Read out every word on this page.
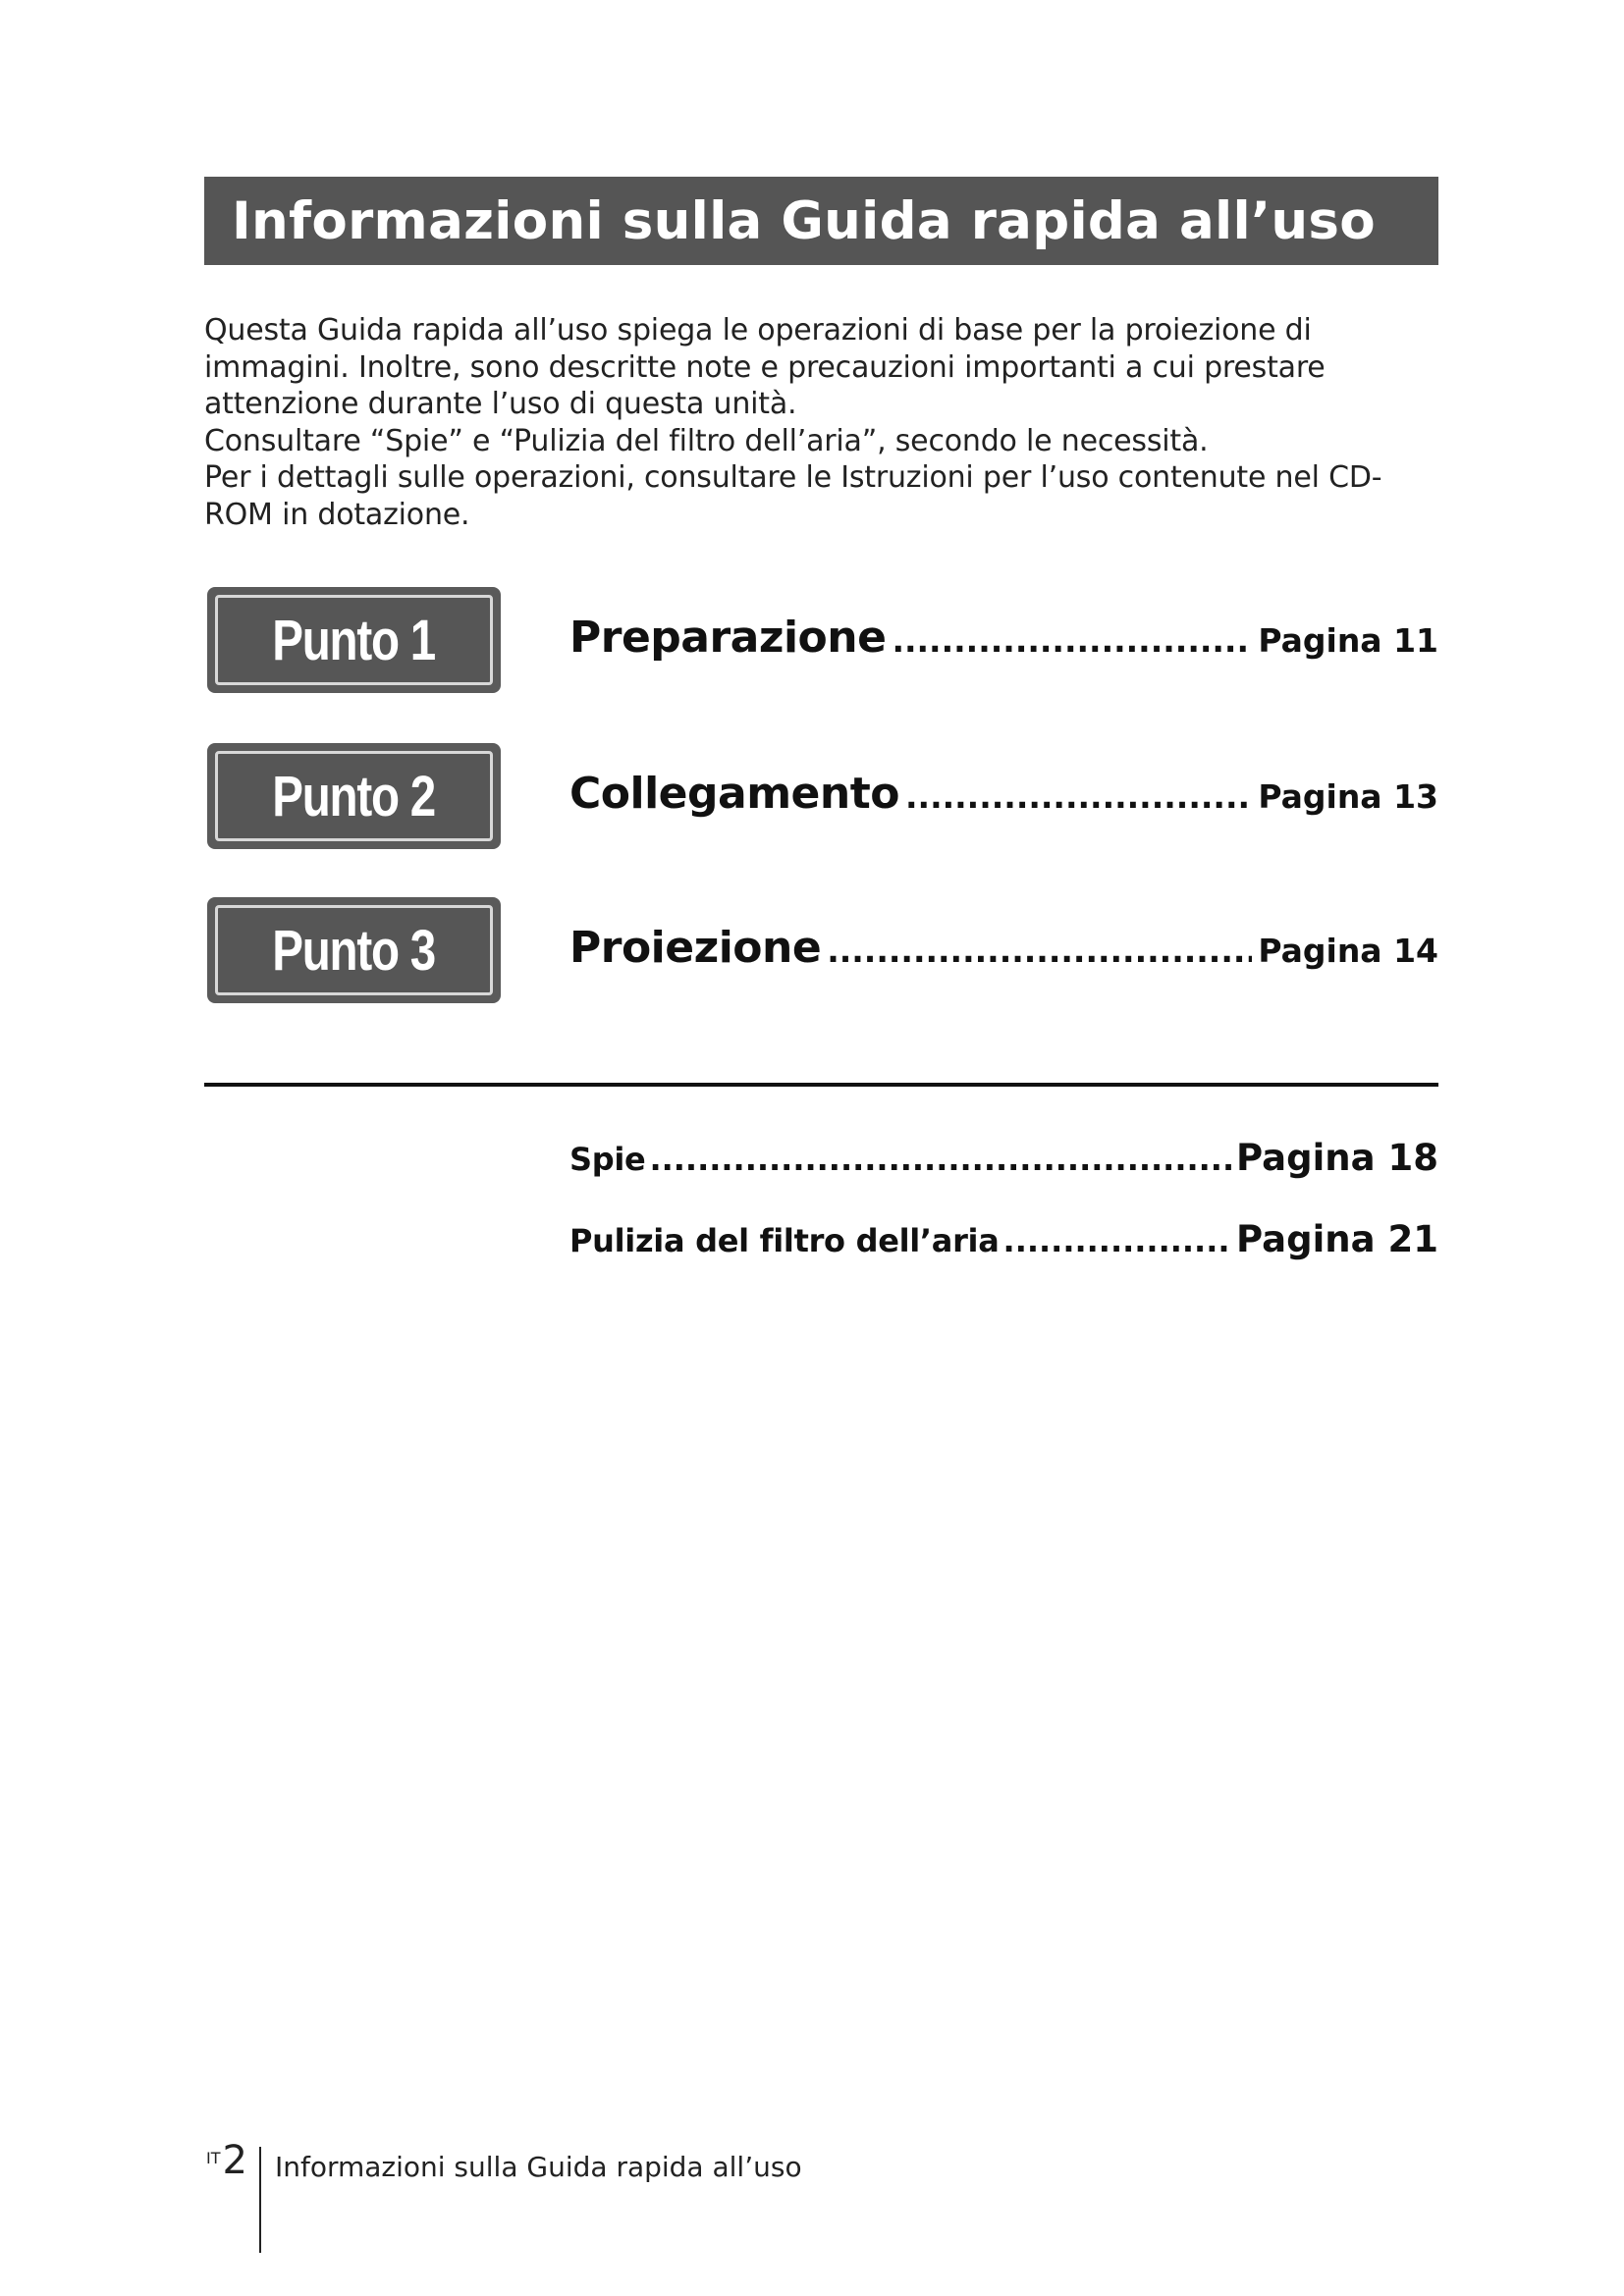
Informazioni sulla Guida rapida all’uso

Questa Guida rapida all’uso spiega le operazioni di base per la proiezione di

immagini. Inoltre, sono descritte note e precauzioni importanti a cui prestare

attenzione durante l’uso di questa unità.

Consultare “Spie” e “Pulizia del filtro dell’aria”, secondo le necessità.

Per i dettagli sulle operazioni, consultare le Istruzioni per l’uso contenute nel CD-

ROM in dotazione.

Punto 1	Preparazione .....	Pagina 11
Punto 2	Collegamento .....	Pagina 13
Punto 3	Proiezione .....	Pagina 14
Spie .....	Pagina 18
Pulizia del filtro dell’aria .....	Pagina 21
IT 2 Informazioni sulla Guida rapida all’uso
